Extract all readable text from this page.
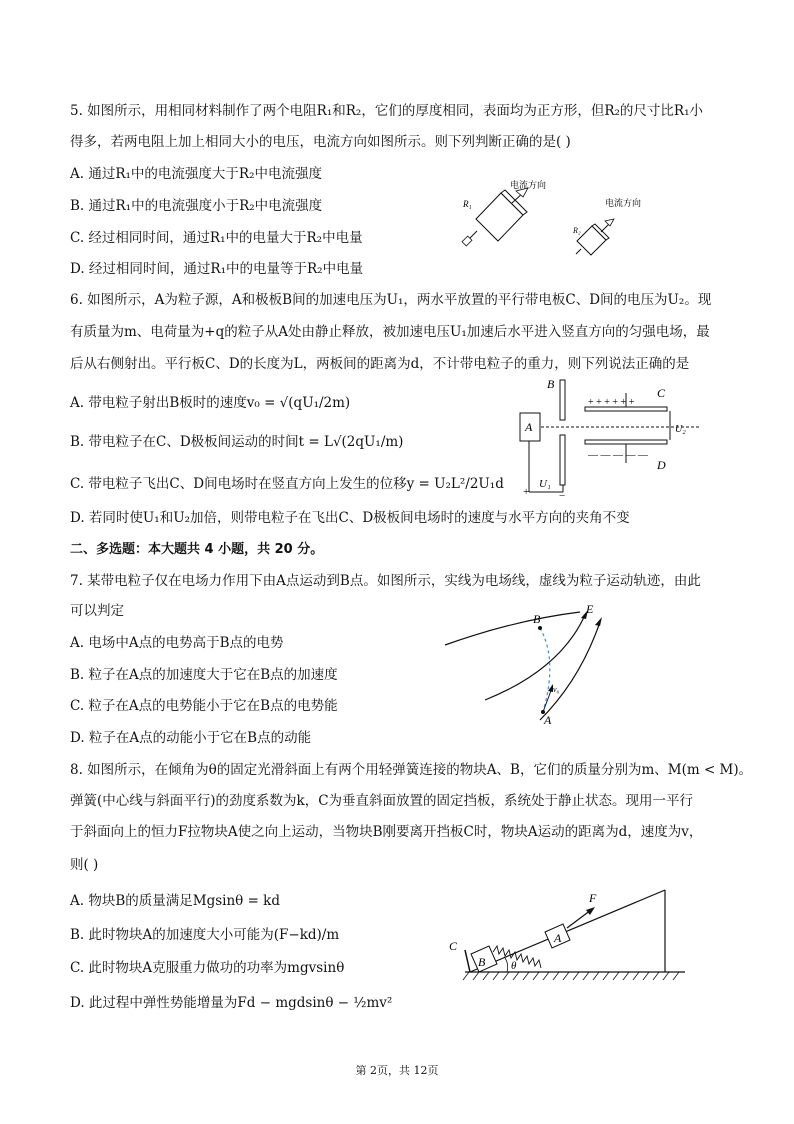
5. 如图所示，用相同材料制作了两个电阻R₁和R₂，它们的厚度相同，表面均为正方形，但R₂的尺寸比R₁小
得多，若两电阻上加上相同大小的电压，电流方向如图所示。则下列判断正确的是( )
A. 通过R₁中的电流强度大于R₂中电流强度
B. 通过R₁中的电流强度小于R₂中电流强度
C. 经过相同时间，通过R₁中的电量大于R₂中电量
D. 经过相同时间，通过R₁中的电量等于R₂中电量
R₁
电流方向
R₂
电流方向
6. 如图所示，A为粒子源，A和极板B间的加速电压为U₁，两水平放置的平行带电板C、D间的电压为U₂。现
有质量为m、电荷量为+q的粒子从A处由静止释放，被加速电压U₁加速后水平进入竖直方向的匀强电场，最
后从右侧射出。平行板C、D的长度为L，两板间的距离为d，不计带电粒子的重力，则下列说法正确的是
A. 带电粒子射出B板时的速度v₀ = √(qU₁/2m)
B. 带电粒子在C、D极板间运动的时间t = L√(2qU₁/m)
C. 带电粒子飞出C、D间电场时在竖直方向上发生的位移y = U₂L²/2U₁d
D. 若同时使U₁和U₂加倍，则带电粒子在飞出C、D极板间电场时的速度与水平方向的夹角不变
B
A
+	−
U₁
+ + + + + +
— — — — —
C
D
U₂
二、多选题：本大题共 4 小题，共 20 分。
7. 某带电粒子仅在电场力作用下由A点运动到B点。如图所示，实线为电场线，虚线为粒子运动轨迹，由此
可以判定
A. 电场中A点的电势高于B点的电势
B. 粒子在A点的加速度大于它在B点的加速度
C. 粒子在A点的电势能小于它在B点的电势能
D. 粒子在A点的动能小于它在B点的动能
B
E
A
v₀
8. 如图所示，在倾角为θ的固定光滑斜面上有两个用轻弹簧连接的物块A、B，它们的质量分别为m、M(m < M)。
弹簧(中心线与斜面平行)的劲度系数为k，C为垂直斜面放置的固定挡板，系统处于静止状态。现用一平行
于斜面向上的恒力F拉物块A使之向上运动，当物块B刚要离开挡板C时，物块A运动的距离为d，速度为v，
则( )
A. 物块B的质量满足Mgsinθ = kd
B. 此时物块A的加速度大小可能为(F−kd)/m
C. 此时物块A克服重力做功的功率为mgvsinθ
D. 此过程中弹性势能增量为Fd − mgdsinθ − ½mv²
B
A
C
F
θ
第 2页，共 12页
